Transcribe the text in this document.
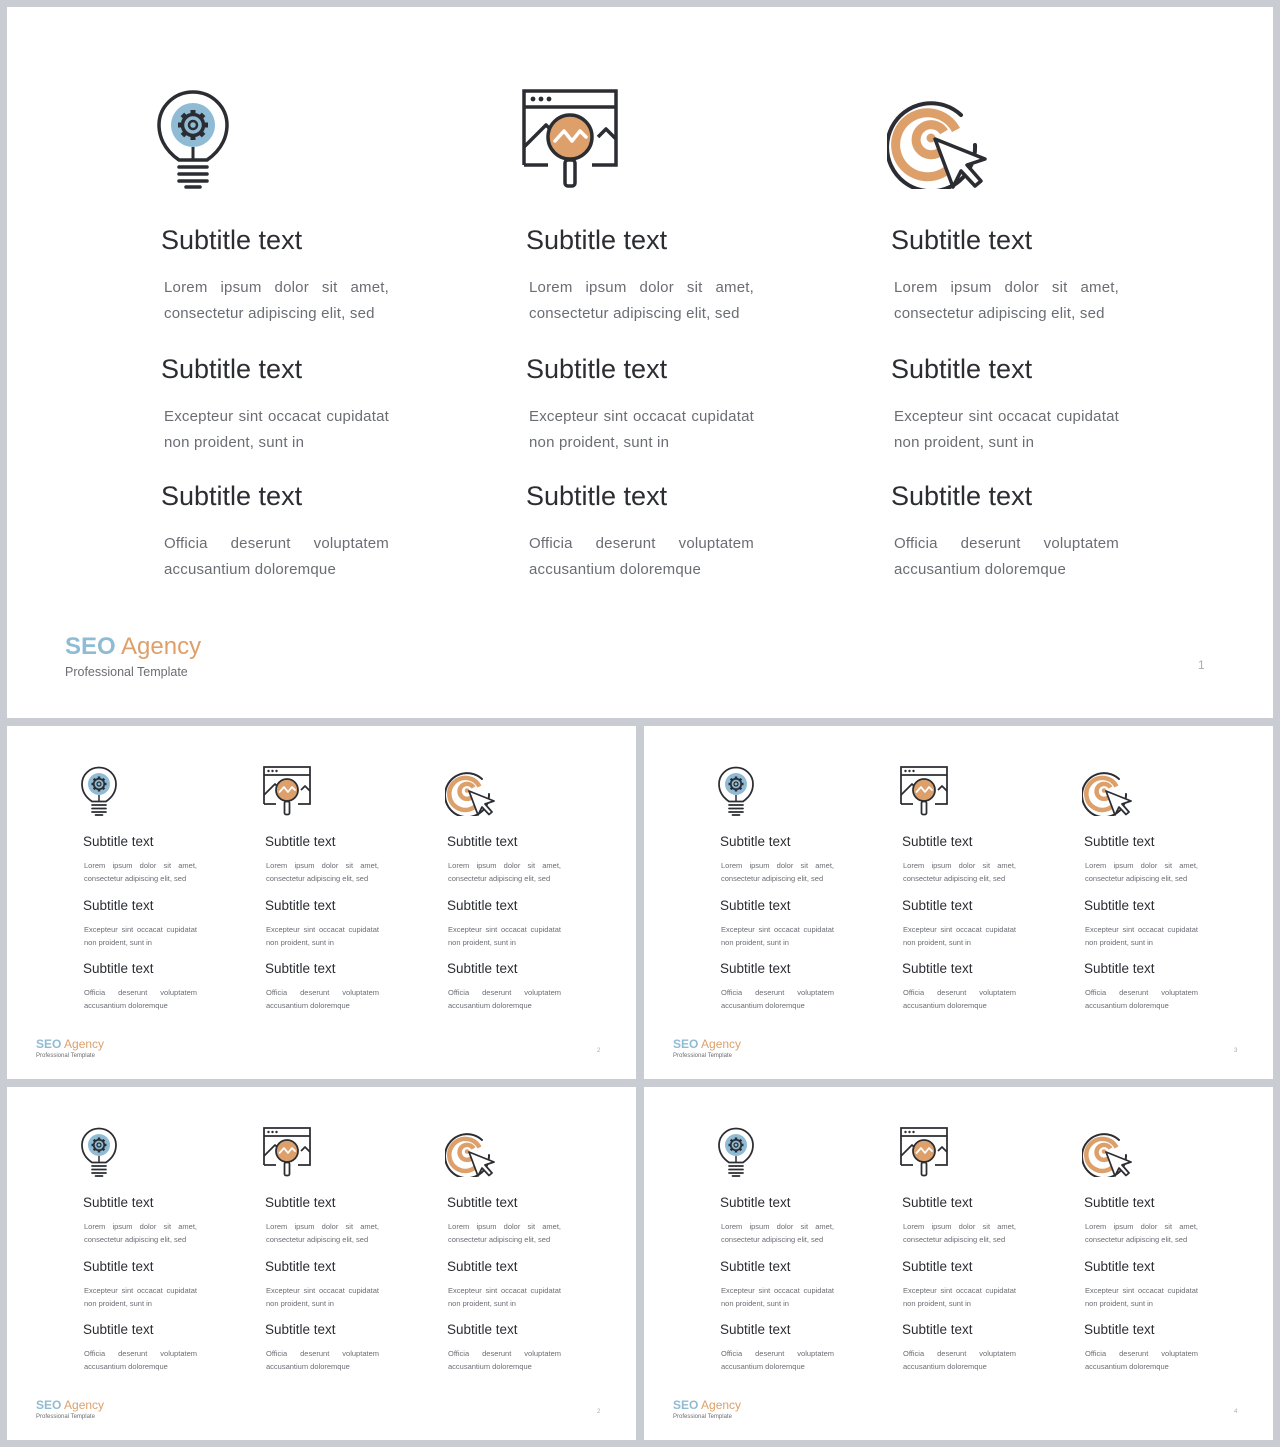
Subtitle text

Lorem ipsum dolor sit amet, consectetur adipiscing elit, sed

Subtitle text

Excepteur sint occacat cupidatat non proident, sunt in

Subtitle text

Officia deserunt voluptatem accusantium doloremque

Subtitle text

Lorem ipsum dolor sit amet, consectetur adipiscing elit, sed

Subtitle text

Excepteur sint occacat cupidatat non proident, sunt in

Subtitle text

Officia deserunt voluptatem accusantium doloremque

Subtitle text

Lorem ipsum dolor sit amet, consectetur adipiscing elit, sed

Subtitle text

Excepteur sint occacat cupidatat non proident, sunt in

Subtitle text

Officia deserunt voluptatem accusantium doloremque

SEO Agency
Professional Template	1
Subtitle text
Lorem ipsum dolor sit amet, consectetur adipiscing elit, sed
Subtitle text
Excepteur sint occacat cupidatat non proident, sunt in
Subtitle text
Officia deserunt voluptatem accusantium doloremque
Subtitle text
Lorem ipsum dolor sit amet, consectetur adipiscing elit, sed
Subtitle text
Excepteur sint occacat cupidatat non proident, sunt in
Subtitle text
Officia deserunt voluptatem accusantium doloremque
Subtitle text
Lorem ipsum dolor sit amet, consectetur adipiscing elit, sed
Subtitle text
Excepteur sint occacat cupidatat non proident, sunt in
Subtitle text
Officia deserunt voluptatem accusantium doloremque
SEO Agency
Professional Template
2
Subtitle text
Lorem ipsum dolor sit amet, consectetur adipiscing elit, sed
Subtitle text
Excepteur sint occacat cupidatat non proident, sunt in
Subtitle text
Officia deserunt voluptatem accusantium doloremque
Subtitle text
Lorem ipsum dolor sit amet, consectetur adipiscing elit, sed
Subtitle text
Excepteur sint occacat cupidatat non proident, sunt in
Subtitle text
Officia deserunt voluptatem accusantium doloremque
Subtitle text
Lorem ipsum dolor sit amet, consectetur adipiscing elit, sed
Subtitle text
Excepteur sint occacat cupidatat non proident, sunt in
Subtitle text
Officia deserunt voluptatem accusantium doloremque
SEO Agency
Professional Template
3
Subtitle text
Lorem ipsum dolor sit amet, consectetur adipiscing elit, sed
Subtitle text
Excepteur sint occacat cupidatat non proident, sunt in
Subtitle text
Officia deserunt voluptatem accusantium doloremque
Subtitle text
Lorem ipsum dolor sit amet, consectetur adipiscing elit, sed
Subtitle text
Excepteur sint occacat cupidatat non proident, sunt in
Subtitle text
Officia deserunt voluptatem accusantium doloremque
Subtitle text
Lorem ipsum dolor sit amet, consectetur adipiscing elit, sed
Subtitle text
Excepteur sint occacat cupidatat non proident, sunt in
Subtitle text
Officia deserunt voluptatem accusantium doloremque
SEO Agency
Professional Template
2
Subtitle text
Lorem ipsum dolor sit amet, consectetur adipiscing elit, sed
Subtitle text
Excepteur sint occacat cupidatat non proident, sunt in
Subtitle text
Officia deserunt voluptatem accusantium doloremque
Subtitle text
Lorem ipsum dolor sit amet, consectetur adipiscing elit, sed
Subtitle text
Excepteur sint occacat cupidatat non proident, sunt in
Subtitle text
Officia deserunt voluptatem accusantium doloremque
Subtitle text
Lorem ipsum dolor sit amet, consectetur adipiscing elit, sed
Subtitle text
Excepteur sint occacat cupidatat non proident, sunt in
Subtitle text
Officia deserunt voluptatem accusantium doloremque
SEO Agency
Professional Template
4
